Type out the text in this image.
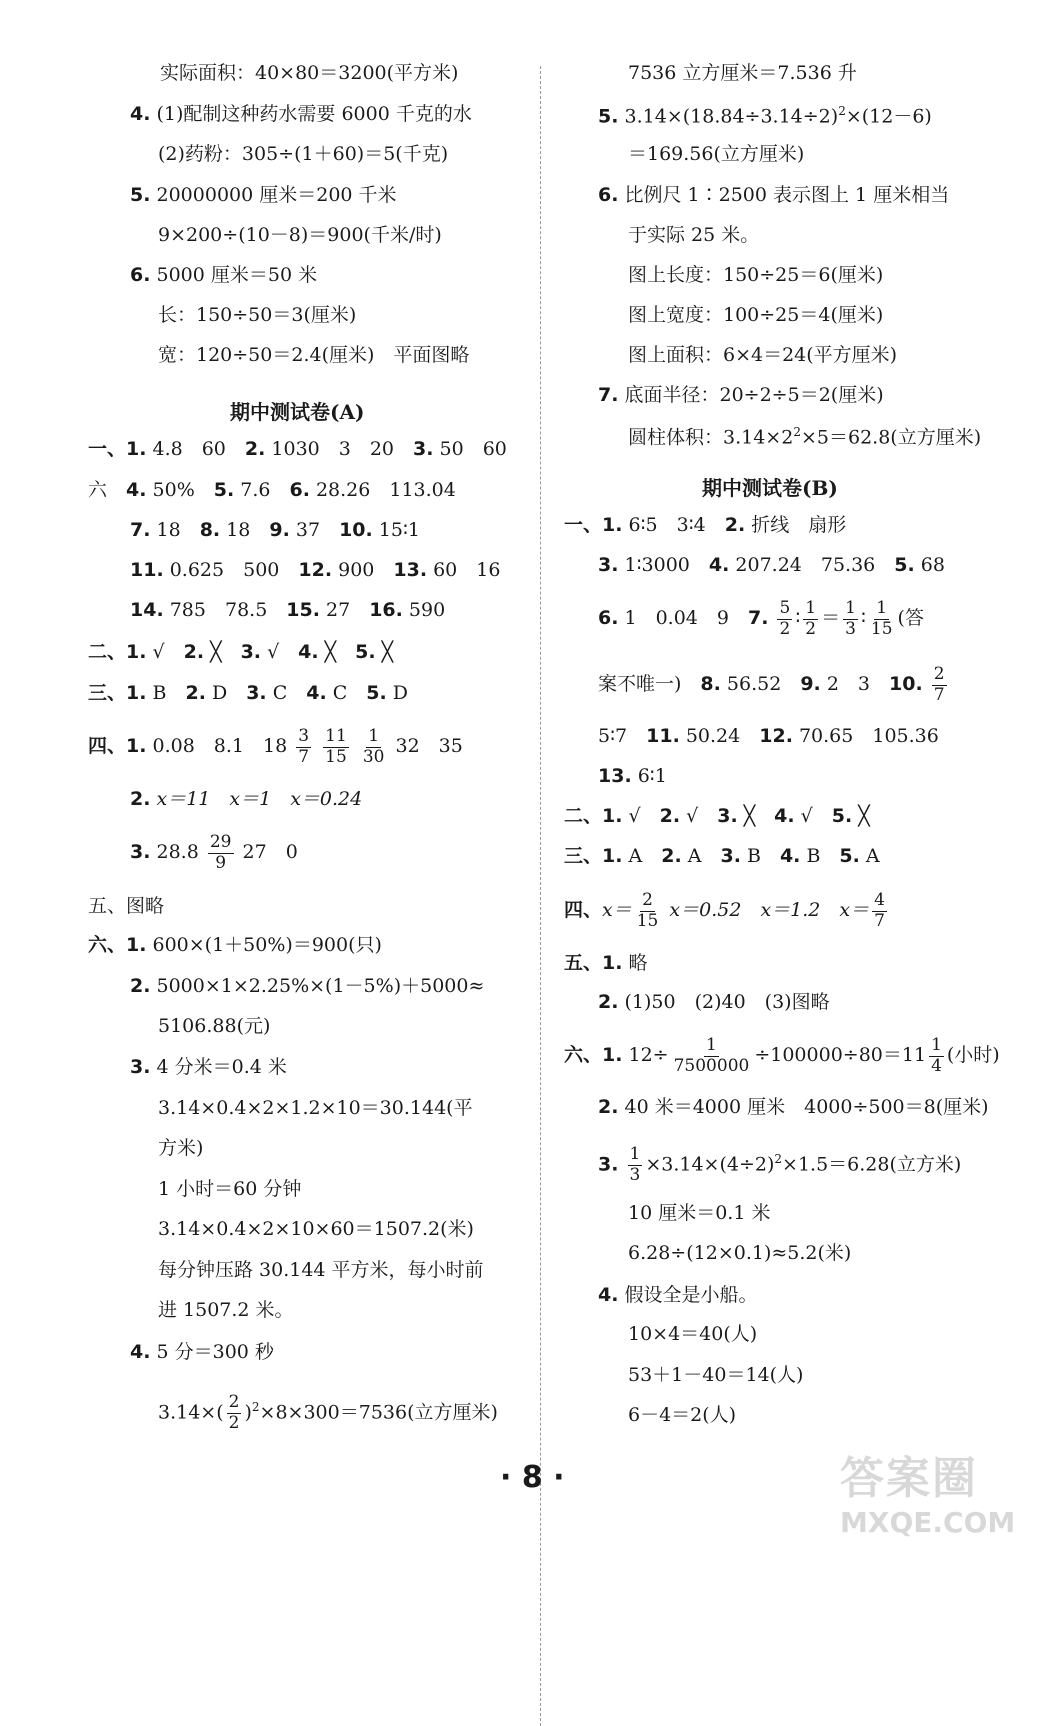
实际面积：40×80＝3200(平方米)
4. (1)配制这种药水需要 6000 千克的水
(2)药粉：305÷(1＋60)＝5(千克)
5. 20000000 厘米＝200 千米
9×200÷(10－8)＝900(千米/时)
6. 5000 厘米＝50 米
长：150÷50＝3(厘米)
宽：120÷50＝2.4(厘米)　平面图略
期中测试卷(A)
一、1. 4.8　60　2. 1030　3　20　3. 50　60
六　4. 50%　5. 7.6　6. 28.26　113.04
7. 18　8. 18　9. 37　10. 15∶1
11. 0.625　500　12. 900　13. 60　16
14. 785　78.5　15. 27　16. 590
二、1. √　2. ╳　3. √　4. ╳　5. ╳
三、1. B　2. D　3. C　4. C　5. D
四、1. 0.08　8.1　$18 \frac{3}{7}$
$\frac{11}{15}$
$\frac{1}{30} 32$　35
2. x＝11　x＝1　x＝0.24
3. $28.8 \frac{29}{9} 27$　0
五、图略
六、1. 600×(1＋50%)＝900(只)
2. 5000×1×2.25%×(1－5%)＋5000≈
5106.88(元)
3. 4 分米＝0.4 米
3.14×0.4×2×1.2×10＝30.144(平
方米)
1 小时＝60 分钟
3.14×0.4×2×10×60＝1507.2(米)
每分钟压路 30.144 平方米，每小时前
进 1507.2 米。
4. 5 分＝300 秒
$3.14\times( \frac{2}{2} )^2\times 8\times 300=7536$(立方厘米)
7536 立方厘米＝7.536 升
5. $3.14\times(18.84\div 3.14\div 2)^2\times(12-6)$
＝169.56(立方厘米)
6. 比例尺 1∶2500 表示图上 1 厘米相当
于实际 25 米。
图上长度：150÷25＝6(厘米)
图上宽度：100÷25＝4(厘米)
图上面积：6×4＝24(平方厘米)
7. 底面半径：20÷2÷5＝2(厘米)
圆柱体积：$3.14\times 2^2\times 5=62.8$(立方厘米)
期中测试卷(B)
一、1. 6∶5　3∶4　2. 折线　扇形
3. 1∶3000　4. 207.24　75.36　5. 68
6. 1　0.04　9　7. $\frac{5}{2}$ ∶ $\frac{1}{2} = \frac{1}{3}$ ∶ $\frac{1}{15}$ (答
案不唯一)　8. 56.52　9. 2　3　10. $\frac{2}{7}$
5∶7　11. 50.24　12. 70.65　105.36
13. 6∶1
二、1. √　2. √　3. ╳　4. √　5. ╳
三、1. A　2. A　3. B　4. B　5. A
四、$x= \frac{2}{15} x=0.52$　x＝1.2　$x= \frac{4}{7}$
五、1. 略
2. (1)50　(2)40　(3)图略
六、1. $12\div \frac{1}{7500000} \div 100000\div 80=11 \frac{1}{4}$ (小时)
2. 40 米＝4000 厘米　4000÷500＝8(厘米)
3. $\frac{1}{3} \times 3.14\times(4\div 2)^2\times 1.5=6.28$(立方米)
10 厘米＝0.1 米
6.28÷(12×0.1)≈5.2(米)
4. 假设全是小船。
10×4＝40(人)
53＋1－40＝14(人)
6－4＝2(人)
· 8 ·	答案圈
MXQE.COM
